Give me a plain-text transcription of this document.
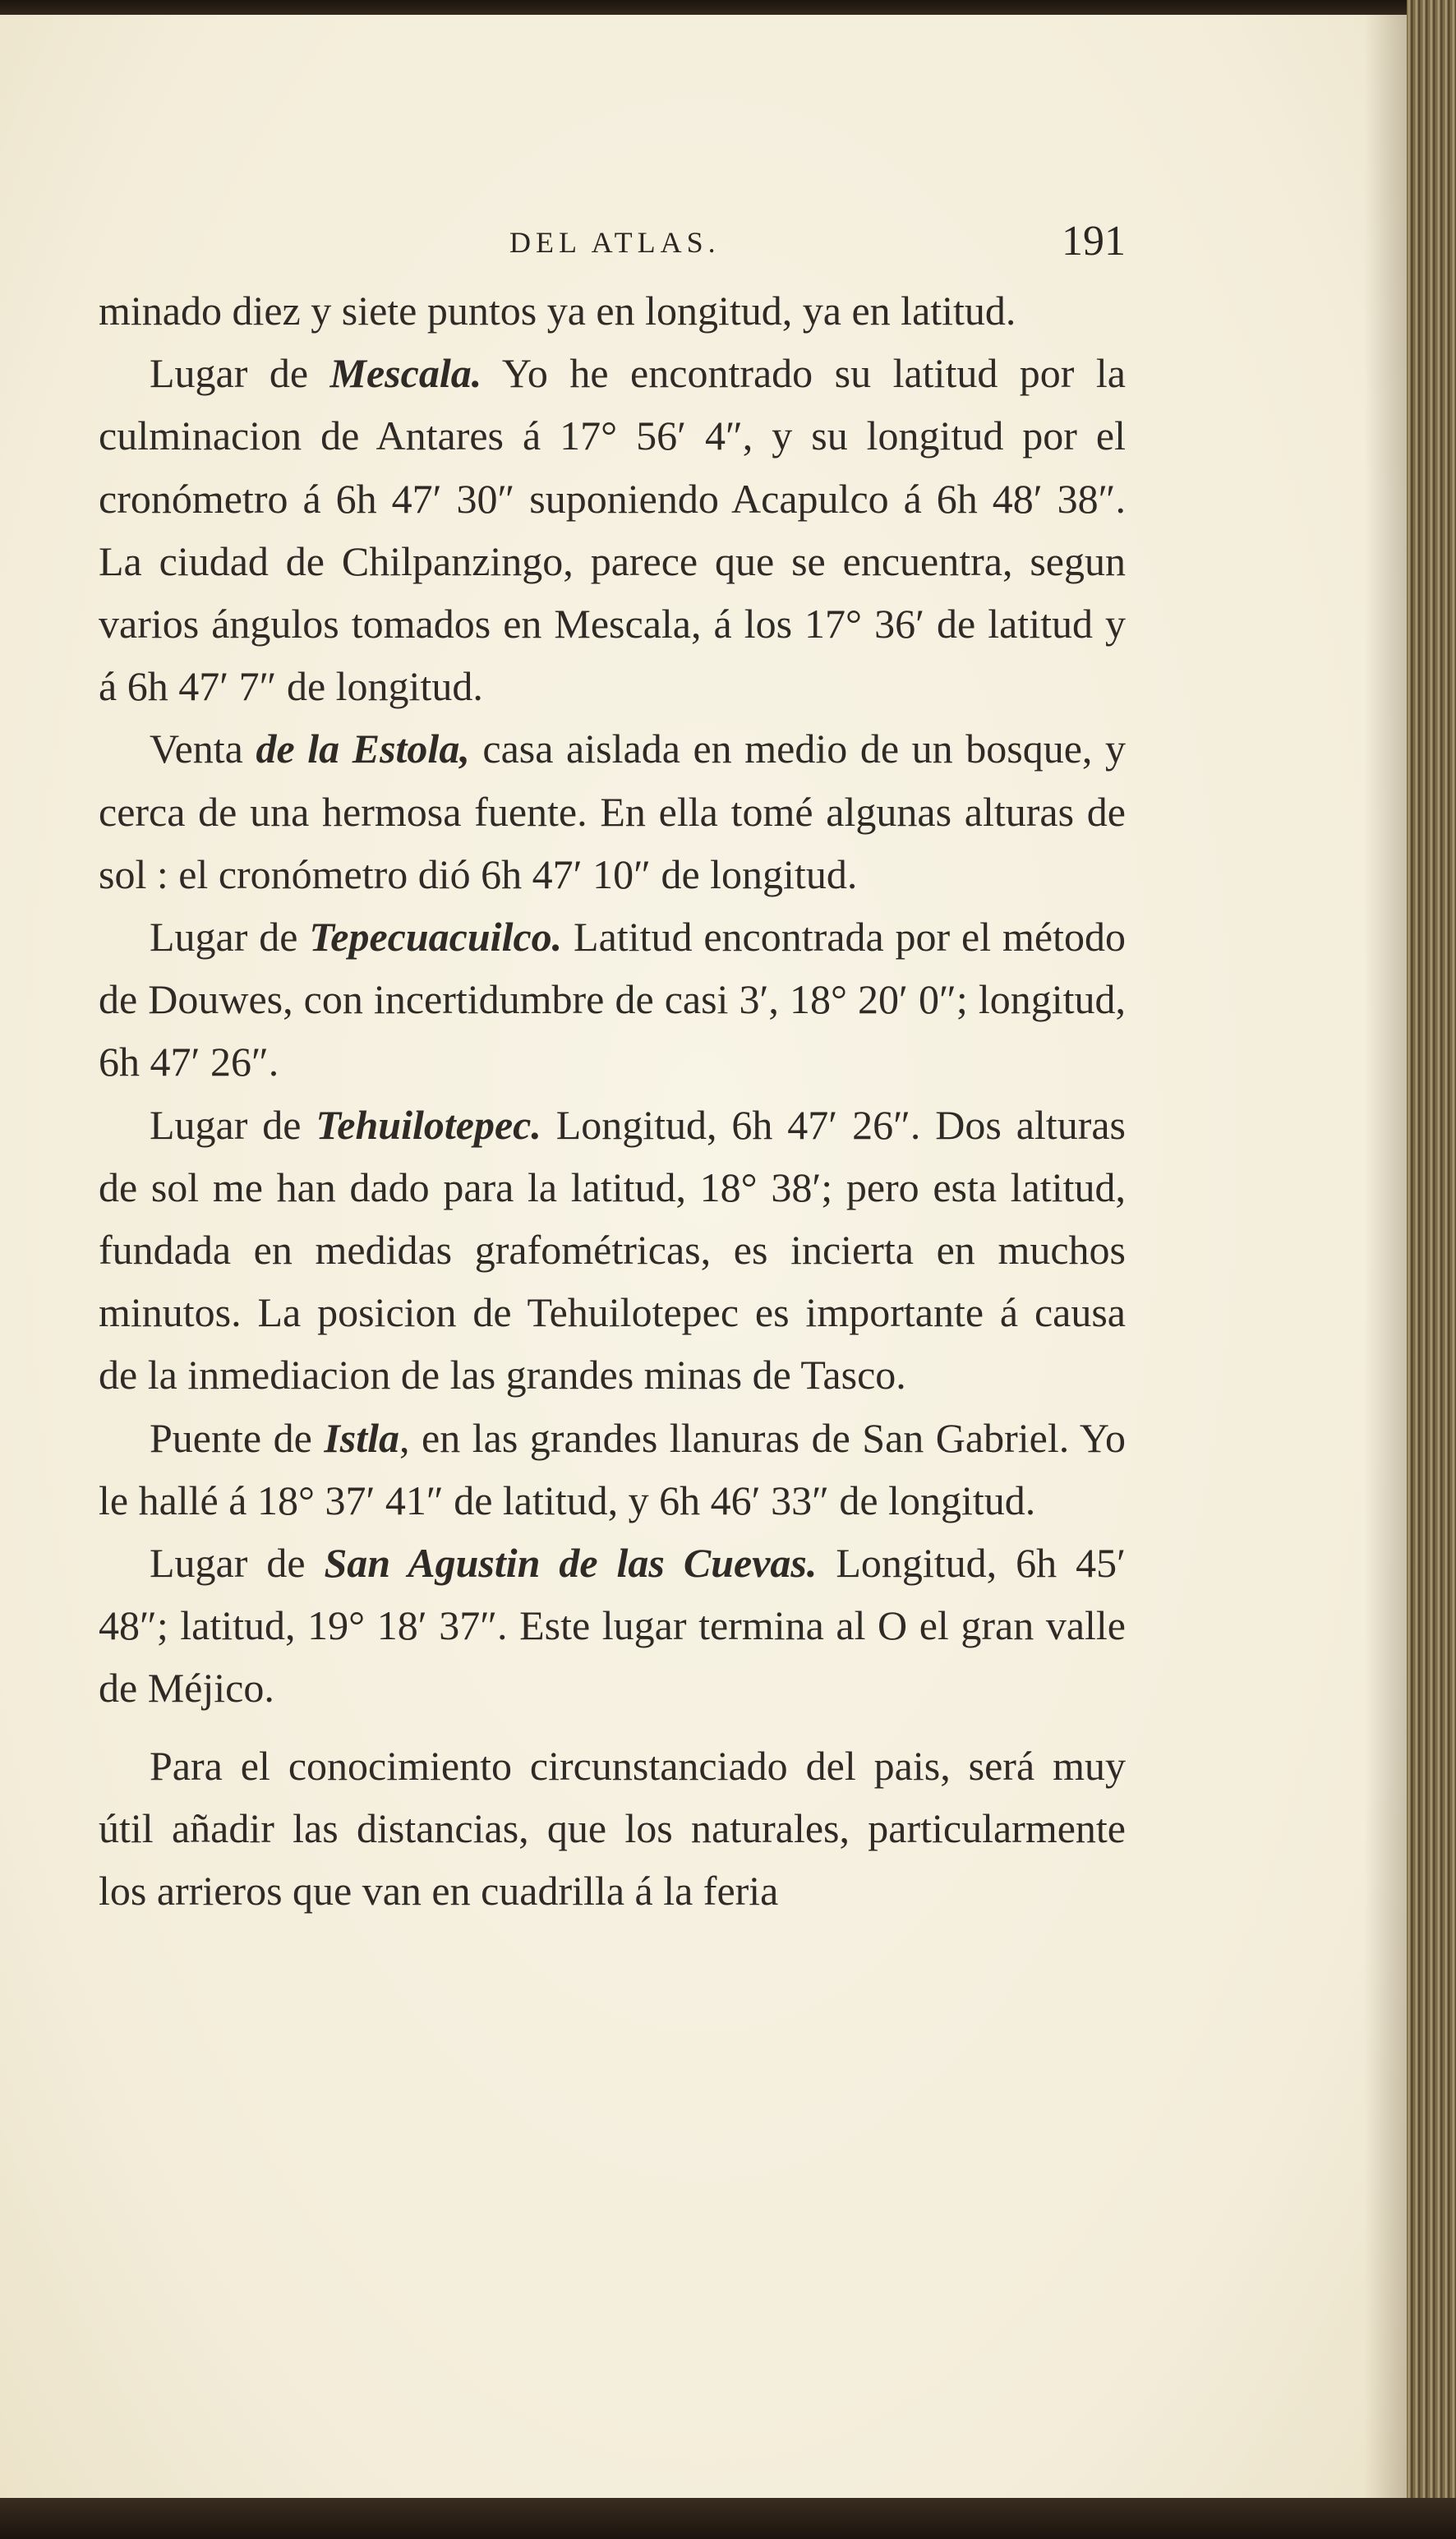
DEL ATLAS.	191

minado diez y siete puntos ya en longitud, ya en latitud.

Lugar de Mescala. Yo he encontrado su latitud por la culminacion de Antares á 17° 56′ 4″, y su longitud por el cronómetro á 6h 47′ 30″ suponiendo Acapulco á 6h 48′ 38″. La ciudad de Chilpanzingo, parece que se encuentra, segun varios ángulos tomados en Mescala, á los 17° 36′ de latitud y á 6h 47′ 7″ de longitud.

Venta de la Estola, casa aislada en medio de un bosque, y cerca de una hermosa fuente. En ella tomé algunas alturas de sol : el cronómetro dió 6h 47′ 10″ de longitud.

Lugar de Tepecuacuilco. Latitud encontrada por el método de Douwes, con incertidumbre de casi 3′, 18° 20′ 0″; longitud, 6h 47′ 26″.

Lugar de Tehuilotepec. Longitud, 6h 47′ 26″. Dos alturas de sol me han dado para la latitud, 18° 38′; pero esta latitud, fundada en medidas grafométricas, es incierta en muchos minutos. La posicion de Tehuilotepec es importante á causa de la inmediacion de las grandes minas de Tasco.

Puente de Istla, en las grandes llanuras de San Gabriel. Yo le hallé á 18° 37′ 41″ de latitud, y 6h 46′ 33″ de longitud.

Lugar de San Agustin de las Cuevas. Longitud, 6h 45′ 48″; latitud, 19° 18′ 37″. Este lugar termina al O el gran valle de Méjico.

Para el conocimiento circunstanciado del pais, será muy útil añadir las distancias, que los naturales, particularmente los arrieros que van en cuadrilla á la feria
